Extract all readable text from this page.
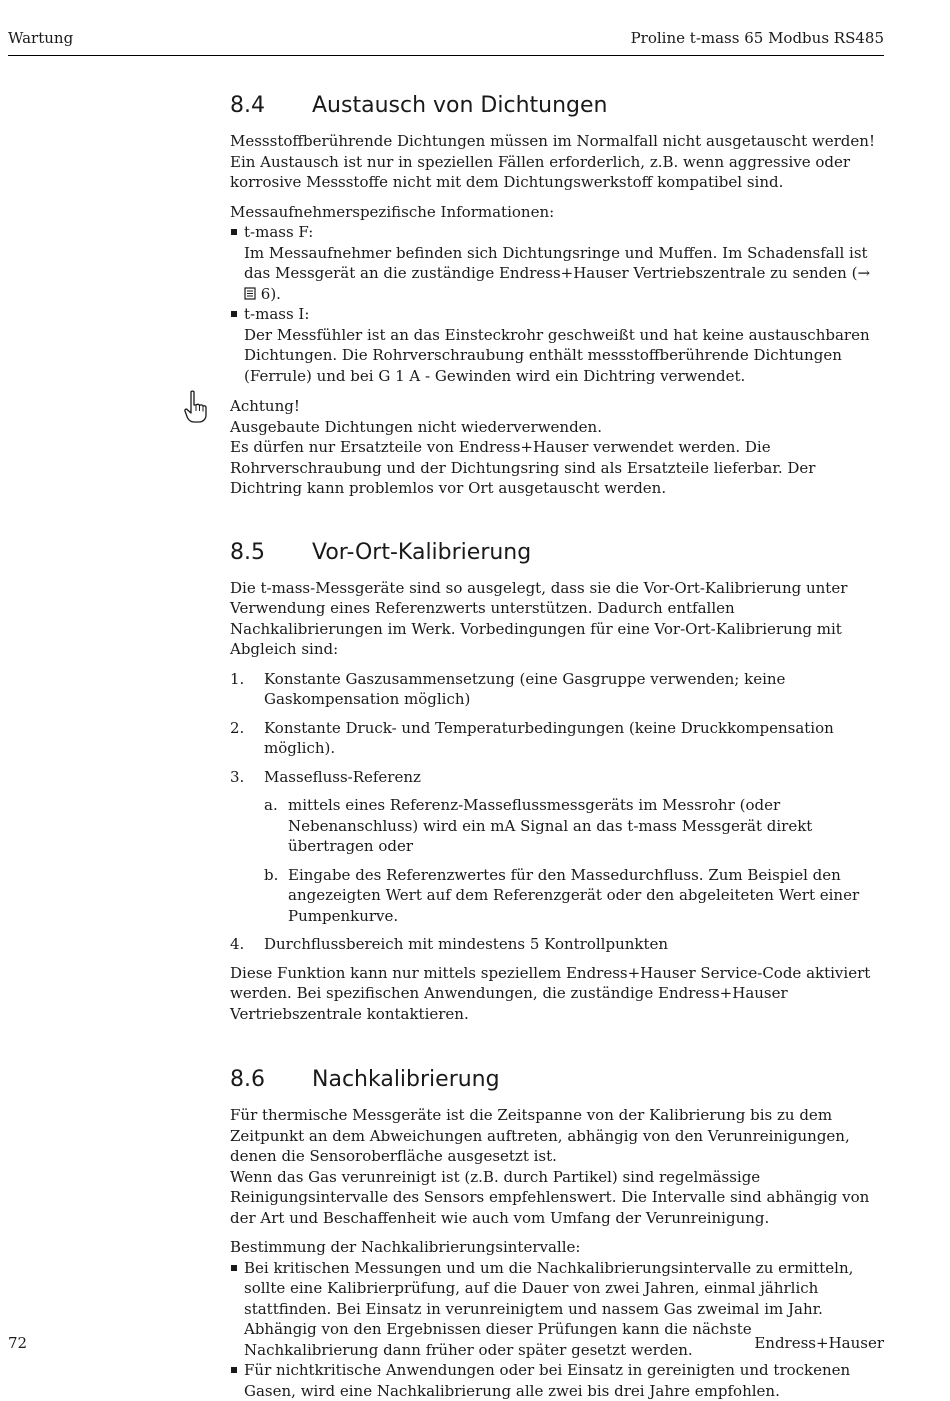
Wartung	Proline t-mass 65 Modbus RS485
8.4 Austausch von Dichtungen

Messstoffberührende Dichtungen müssen im Normalfall nicht ausgetauscht werden! Ein Austausch ist nur in speziellen Fällen erforderlich, z.B. wenn aggressive oder korrosive Messstoffe nicht mit dem Dichtungswerkstoff kompatibel sind.

Messaufnehmerspezifische Informationen:

t-mass F:
Im Messaufnehmer befinden sich Dichtungsringe und Muffen. Im Schadensfall ist das Messgerät an die zuständige Endress+Hauser Vertriebszentrale zu senden (→  6).
t-mass I:
Der Messfühler ist an das Einsteckrohr geschweißt und hat keine austauschbaren Dichtungen. Die Rohrverschraubung enthält messstoffberührende Dichtungen (Ferrule) und bei G 1 A - Gewinden wird ein Dichtring verwendet.

Achtung!

Ausgebaute Dichtungen nicht wiederverwenden.

Es dürfen nur Ersatzteile von Endress+Hauser verwendet werden. Die Rohrverschraubung und der Dichtungsring sind als Ersatzteile lieferbar. Der Dichtring kann problemlos vor Ort ausgetauscht werden.

8.5 Vor-Ort-Kalibrierung

Die t-mass-Messgeräte sind so ausgelegt, dass sie die Vor-Ort-Kalibrierung unter Verwendung eines Referenzwerts unterstützen. Dadurch entfallen Nachkalibrierungen im Werk. Vorbedingungen für eine Vor-Ort-Kalibrierung mit Abgleich sind:

1. Konstante Gaszusammensetzung (eine Gasgruppe verwenden; keine Gaskompensation möglich)
2. Konstante Druck- und Temperaturbedingungen (keine Druckkompensation möglich).
3. Massefluss-Referenz
a. mittels eines Referenz-Masseflussmessgeräts im Messrohr (oder Nebenanschluss) wird ein mA Signal an das t-mass Messgerät direkt übertragen oder
b. Eingabe des Referenzwertes für den Massedurchfluss. Zum Beispiel den angezeigten Wert auf dem Referenzgerät oder den abgeleiteten Wert einer Pumpenkurve.
4. Durchflussbereich mit mindestens 5 Kontrollpunkten

Diese Funktion kann nur mittels speziellem Endress+Hauser Service-Code aktiviert werden. Bei spezifischen Anwendungen, die zuständige Endress+Hauser Vertriebszentrale kontaktieren.

8.6 Nachkalibrierung

Für thermische Messgeräte ist die Zeitspanne von der Kalibrierung bis zu dem Zeitpunkt an dem Abweichungen auftreten, abhängig von den Verunreinigungen, denen die Sensoroberfläche ausgesetzt ist.

Wenn das Gas verunreinigt ist (z.B. durch Partikel) sind regelmässige Reinigungsintervalle des Sensors empfehlenswert. Die Intervalle sind abhängig von der Art und Beschaffenheit wie auch vom Umfang der Verunreinigung.

Bestimmung der Nachkalibrierungsintervalle:

Bei kritischen Messungen und um die Nachkalibrierungsintervalle zu ermitteln, sollte eine Kalibrierprüfung, auf die Dauer von zwei Jahren, einmal jährlich stattfinden. Bei Einsatz in verunreinigtem und nassem Gas zweimal im Jahr.
Abhängig von den Ergebnissen dieser Prüfungen kann die nächste Nachkalibrierung dann früher oder später gesetzt werden.
Für nichtkritische Anwendungen oder bei Einsatz in gereinigten und trockenen Gasen, wird eine Nachkalibrierung alle zwei bis drei Jahre empfohlen.
72	Endress+Hauser
